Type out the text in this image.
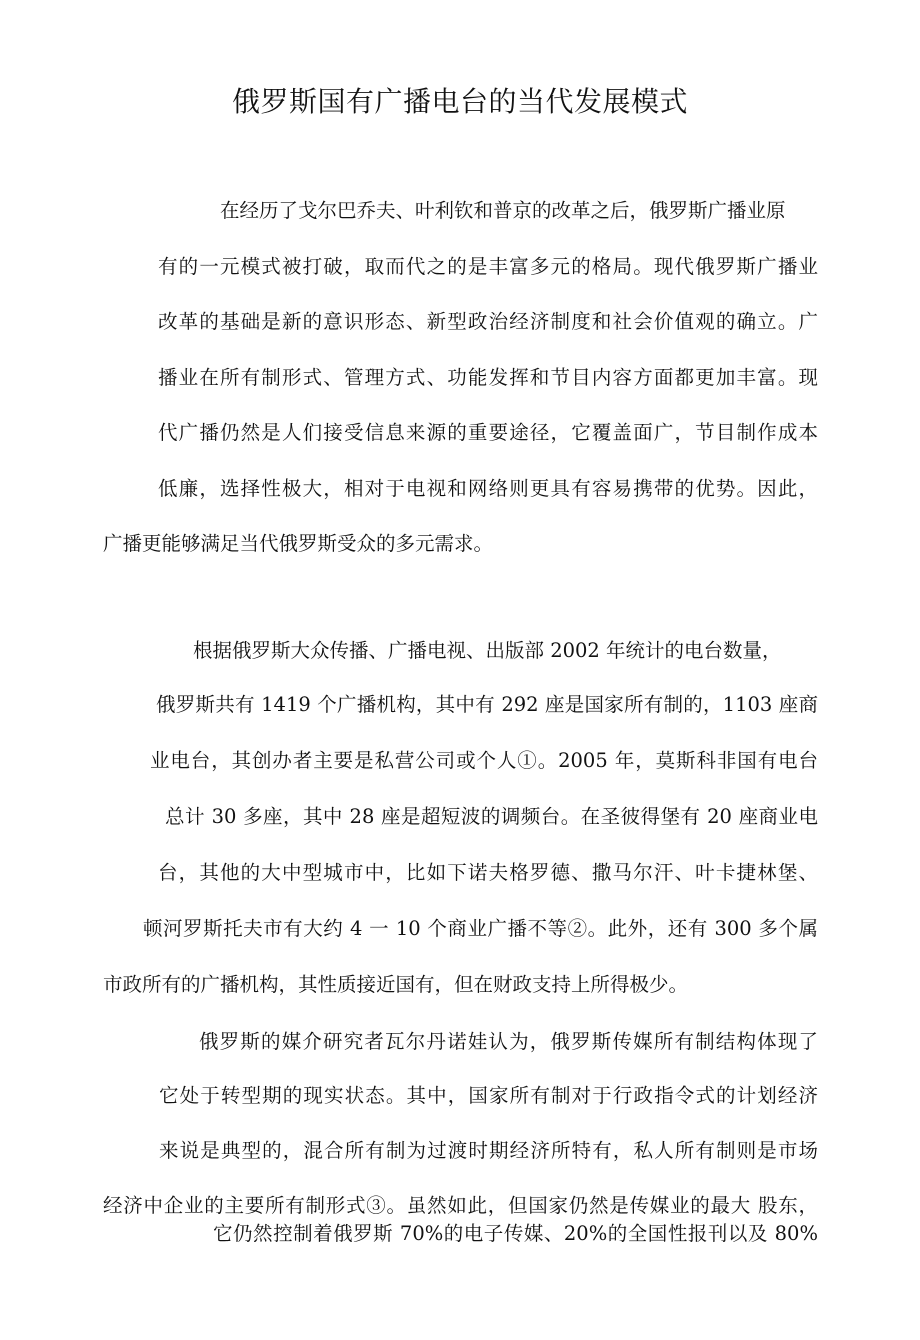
俄罗斯国有广播电台的当代发展模式
在经历了戈尔巴乔夫、叶利钦和普京的改革之后，俄罗斯广播业原
有的一元模式被打破，取而代之的是丰富多元的格局。现代俄罗斯广播业
改革的基础是新的意识形态、新型政治经济制度和社会价值观的确立。广
播业在所有制形式、管理方式、功能发挥和节目内容方面都更加丰富。现
代广播仍然是人们接受信息来源的重要途径，它覆盖面广，节目制作成本
低廉，选择性极大，相对于电视和网络则更具有容易携带的优势。因此，
广播更能够满足当代俄罗斯受众的多元需求。
根据俄罗斯大众传播、广播电视、出版部 2002 年统计的电台数量，
俄罗斯共有 1419 个广播机构，其中有 292 座是国家所有制的，1103 座商
业电台，其创办者主要是私营公司或个人①。2005 年，莫斯科非国有电台
总计 30 多座，其中 28 座是超短波的调频台。在圣彼得堡有 20 座商业电
台，其他的大中型城市中，比如下诺夫格罗德、撒马尔汗、叶卡捷林堡、
顿河罗斯托夫市有大约 4 一 10 个商业广播不等②。此外，还有 300 多个属
市政所有的广播机构，其性质接近国有，但在财政支持上所得极少。
俄罗斯的媒介研究者瓦尔丹诺娃认为，俄罗斯传媒所有制结构体现了
它处于转型期的现实状态。其中，国家所有制对于行政指令式的计划经济
来说是典型的，混合所有制为过渡时期经济所特有，私人所有制则是市场
经济中企业的主要所有制形式③。虽然如此，但国家仍然是传媒业的最大 股东，
它仍然控制着俄罗斯 70%的电子传媒、20%的全国性报刊以及 80%
